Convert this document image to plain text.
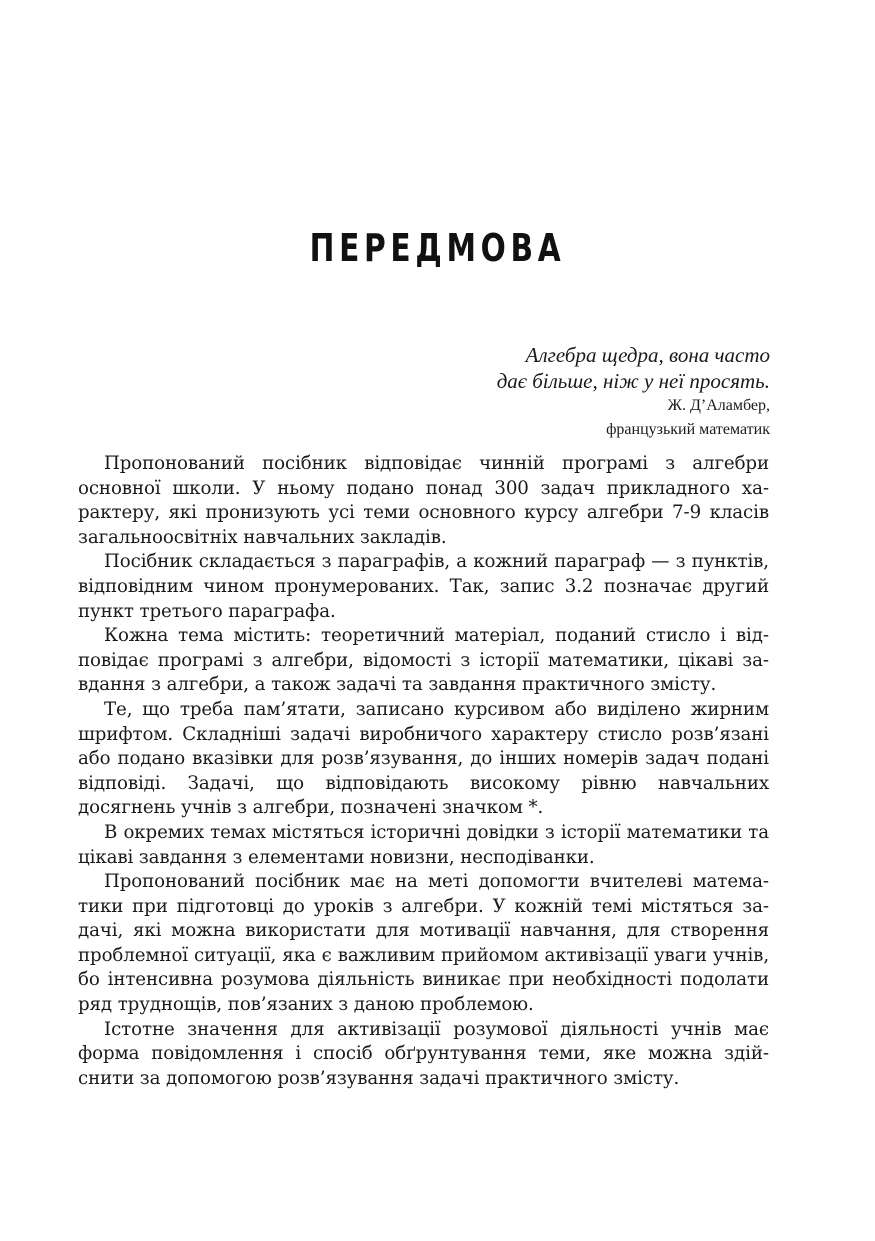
ПЕРЕДМОВА
Алгебра щедра, вона часто
дає більше, ніж у неї просять.
Ж. Д’Аламбер,
французький математик

Пропонований посібник відповідає чинній програмі з алгебри основної школи. У ньому подано понад 300 задач прикладного характеру, які пронизують усі теми основного курсу алгебри 7-9 класів загальноосвітніх навчальних закладів.

Посібник складається з параграфів, а кожний параграф — з пунктів, відповідним чином пронумерованих. Так, запис 3.2 позначає другий пункт третього параграфа.

Кожна тема містить: теоретичний матеріал, поданий стисло і відповідає програмі з алгебри, відомості з історії математики, цікаві завдання з алгебри, а також задачі та завдання практичного змісту.

Те, що треба пам’ятати, записано курсивом або виділено жирним шрифтом. Складніші задачі виробничого характеру стисло розв’язані або подано вказівки для розв’язування, до інших номерів задач подані відповіді. Задачі, що відповідають високому рівню навчальних досягнень учнів з алгебри, позначені значком *.

В окремих темах містяться історичні довідки з історії математики та цікаві завдання з елементами новизни, несподіванки.

Пропонований посібник має на меті допомогти вчителеві математики при підготовці до уроків з алгебри. У кожній темі містяться задачі, які можна використати для мотивації навчання, для створення проблемної ситуації, яка є важливим прийомом активізації уваги учнів, бо інтенсивна розумова діяльність виникає при необхідності подолати ряд труднощів, пов’язаних з даною проблемою.

Істотне значення для активізації розумової діяльності учнів має форма повідомлення і спосіб обґрунтування теми, яке можна здійснити за допомогою розв’язування задачі практичного змісту.
